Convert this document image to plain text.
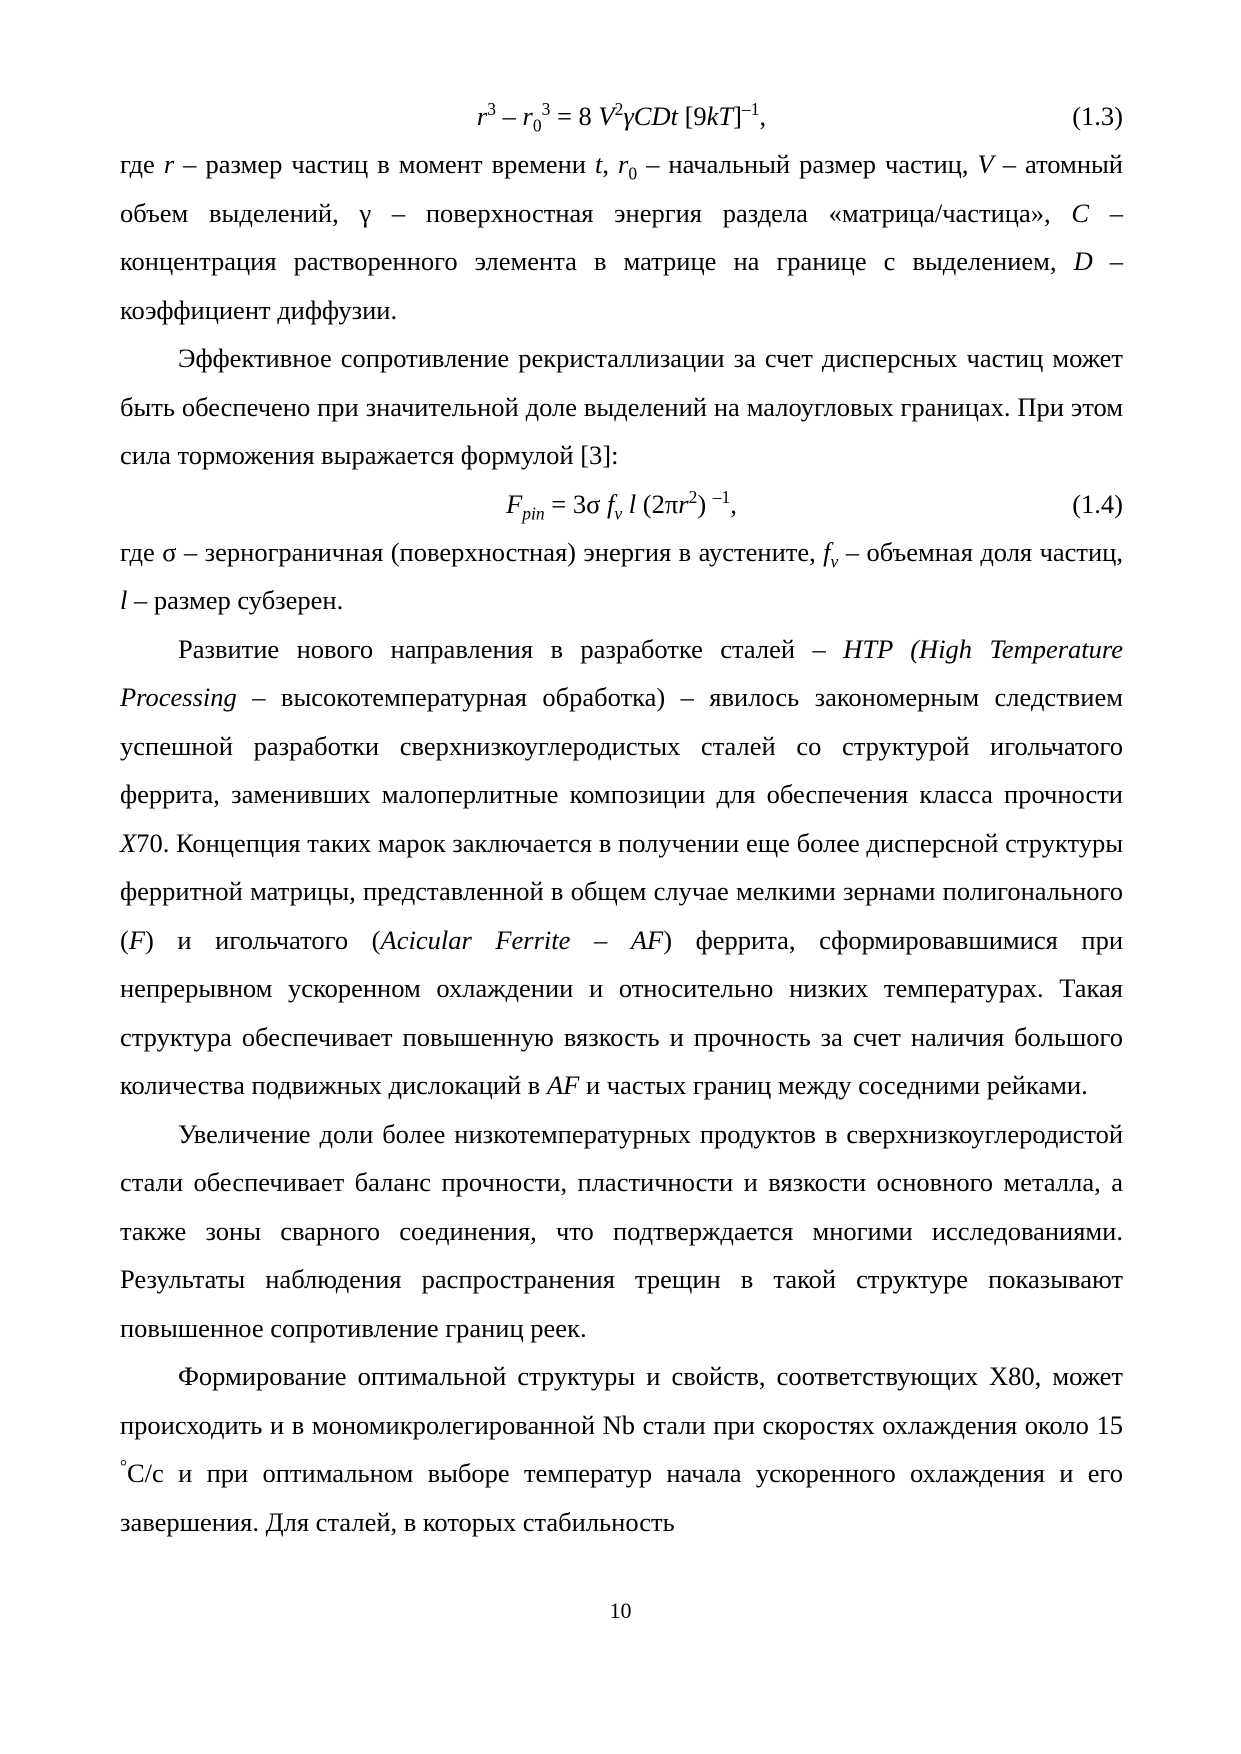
$r^3 - r_0^3 = 8$ $V^2\gamma CDt$ $[9kT]^{-1}$,	(1.3)

где r – размер частиц в момент времени t, $r_0$ – начальный размер частиц, V – атомный объем выделений, γ – поверхностная энергия раздела «матрица/частица», C – концентрация растворенного элемента в матрице на границе с выделением, D – коэффициент диффузии.

Эффективное сопротивление рекристаллизации за счет дисперсных частиц может быть обеспечено при значительной доле выделений на малоугловых границах. При этом сила торможения выражается формулой [3]:

$F_{pin} = 3\sigma$ $f_v$ l $(2\pi r^2)$ $^{-1}$,	(1.4)

где σ – зернограничная (поверхностная) энергия в аустените, $f_v$ – объемная доля частиц, l – размер субзерен.

Развитие нового направления в разработке сталей – HTP (High Temperature Processing – высокотемпературная обработка) – явилось закономерным следствием успешной разработки сверхнизкоуглеродистых сталей со структурой игольчатого феррита, заменивших малоперлитные композиции для обеспечения класса прочности X70. Концепция таких марок заключается в получении еще более дисперсной структуры ферритной матрицы, представленной в общем случае мелкими зернами полигонального (F) и игольчатого (Acicular Ferrite – AF) феррита, сформировавшимися при непрерывном ускоренном охлаждении и относительно низких температурах. Такая структура обеспечивает повышенную вязкость и прочность за счет наличия большого количества подвижных дислокаций в AF и частых границ между соседними рейками.

Увеличение доли более низкотемпературных продуктов в сверхнизкоуглеродистой стали обеспечивает баланс прочности, пластичности и вязкости основного металла, а также зоны сварного соединения, что подтверждается многими исследованиями. Результаты наблюдения распространения трещин в такой структуре показывают повышенное сопротивление границ реек.

Формирование оптимальной структуры и свойств, соответствующих X80, может происходить и в мономикролегированной Nb стали при скоростях охлаждения около 15 °С/с и при оптимальном выборе температур начала ускоренного охлаждения и его завершения. Для сталей, в которых стабильность

10
